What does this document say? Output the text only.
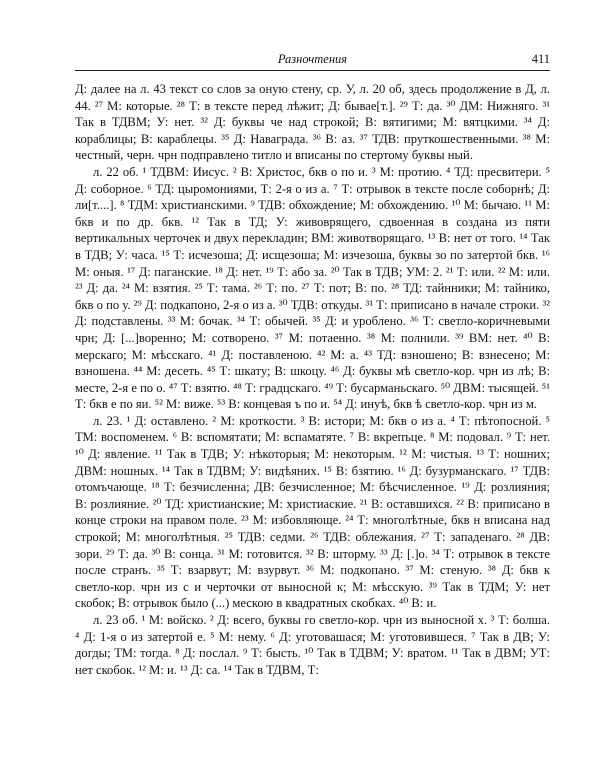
Разночтения	411

Д: далее на л. 43 текст со слов за оную стену, ср. У, л. 20 об, здесь продолжение в Д, л. 44. ²⁷ М: которые. ²⁸ Т: в тексте перед лѣжит; Д: бывае[т.]. ²⁹ Т: да. ³⁰ ДМ: Нижняго. ³¹ Так в ТДВМ; У: нет. ³² Д: буквы че над строкой; В: вятигими; М: вятцкими. ³⁴ Д: кораблицы; В: караблецы. ³⁵ Д: Наваграда. ³⁶ В: аз. ³⁷ ТДВ: пруткошественными. ³⁸ М: честный, черн. чрн подправлено титло и вписаны по стертому буквы ный.

л. 22 об. ¹ ТДВМ: Иисус. ² В: Христос, бкв о по и. ³ М: протию. ⁴ ТД: пресвитери. ⁵ Д: соборное. ⁶ ТД: цыромониями, Т: 2-я о из а. ⁷ Т: отрывок в тексте после соборнѣ; Д: ли[т....]. ⁸ ТДМ: христианскими. ⁹ ТДВ: обхождение; М: обхождению. ¹⁰ М: бычаю. ¹¹ М: бкв и по др. бкв. ¹² Так в ТД; У: живоврящего, сдвоенная в создана из пяти вертикальных черточек и двух перекладин; ВМ: животворящаго. ¹³ В: нет от того. ¹⁴ Так в ТДВ; У: часа. ¹⁵ Т: исчезоша; Д: исщезоша; М: изчезоша, буквы зо по затертой бкв. ¹⁶ М: оныя. ¹⁷ Д: паганские. ¹⁸ Д: нет. ¹⁹ Т: або за. ²⁰ Так в ТДВ; УМ: 2. ²¹ Т: или. ²² М: или. ²³ Д: да. ²⁴ М: взятия. ²⁵ Т: тама. ²⁶ Т: по. ²⁷ Т: пот; В: по. ²⁸ ТД: тайнники; М: тайнико, бкв о по у. ²⁹ Д: подкапоно, 2-я о из а. ³⁰ ТДВ: откуды. ³¹ Т: приписано в начале строки. ³² Д: подставлены. ³³ М: бочак. ³⁴ Т: обычей. ³⁵ Д: и уроблено. ³⁶ Т: светло-коричневыми чрн; Д: [...]воренно; М: сотворено. ³⁷ М: потаенно. ³⁸ М: полнили. ³⁹ ВМ: нет. ⁴⁰ В: мерскаго; М: мѣсскаго. ⁴¹ Д: поставленою. ⁴² М: а. ⁴³ ТД: взношено; В: взнесено; М: взношена. ⁴⁴ М: десеть. ⁴⁵ Т: шкату; В: шкоцу. ⁴⁶ Д: буквы мѣ светло-кор. чрн из лѣ; В: месте, 2-я е по о. ⁴⁷ Т: взятю. ⁴⁸ Т: градцскаго. ⁴⁹ Т: бусарманьскаго. ⁵⁰ ДВМ: тысящей. ⁵¹ Т: бкв е по яи. ⁵² М: виже. ⁵³ В: концевая ъ по и. ⁵⁴ Д: инуѣ, бкв ѣ светло-кор. чрн из м.

л. 23. ¹ Д: оставлено. ² М: кроткости. ³ В: истори; М: бкв о из а. ⁴ Т: пѣтопосной. ⁵ ТМ: воспоменем. ⁶ В: вспомятати; М: вспаматяте. ⁷ В: вкрепъце. ⁸ М: подовал. ⁹ Т: нет. ¹⁰ Д: явление. ¹¹ Так в ТДВ; У: нѣкоторыя; М: некоторым. ¹² М: чистыя. ¹³ Т: ношних; ДВМ: ношных. ¹⁴ Так в ТДВМ; У: видѣяних. ¹⁵ В: бзятию. ¹⁶ Д: бузурманскаго. ¹⁷ ТДВ: отомъчающе. ¹⁸ Т: безчисленна; ДВ: безчисленное; М: бѣсчисленное. ¹⁹ Д: розлияния; В: розлияние. ²⁰ ТД: христианские; М: христиаские. ²¹ В: оставшихся. ²² В: приписано в конце строки на правом поле. ²³ М: избовляюще. ²⁴ Т: многолѣтные, бкв н вписана над строкой; М: многолѣтныя. ²⁵ ТДВ: седми. ²⁶ ТДВ: облежания. ²⁷ Т: западенаго. ²⁸ ДВ: зори. ²⁹ Т: да. ³⁰ В: сонца. ³¹ М: готовится. ³² В: шторму. ³³ Д: [.]о. ³⁴ Т: отрывок в тексте после странъ. ³⁵ Т: взарвут; М: взурвут. ³⁶ М: подкопано. ³⁷ М: стеную. ³⁸ Д: бкв к светло-кор. чрн из с и черточки от выносной к; М: мѣсскую. ³⁹ Так в ТДМ; У: нет скобок; В: отрывок было (...) мескою в квадратных скобках. ⁴⁰ В: и.

л. 23 об. ¹ М: войско. ² Д: всего, буквы го светло-кор. чрн из выносной х. ³ Т: болша. ⁴ Д: 1-я о из затертой е. ⁵ М: нему. ⁶ Д: уготовашася; М: уготовившеся. ⁷ Так в ДВ; У: догды; ТМ: тогда. ⁸ Д: послал. ⁹ Т: бысть. ¹⁰ Так в ТДВМ; У: вратом. ¹¹ Так в ДВМ; УТ: нет скобок. ¹² М: и. ¹³ Д: са. ¹⁴ Так в ТДВМ, Т:
